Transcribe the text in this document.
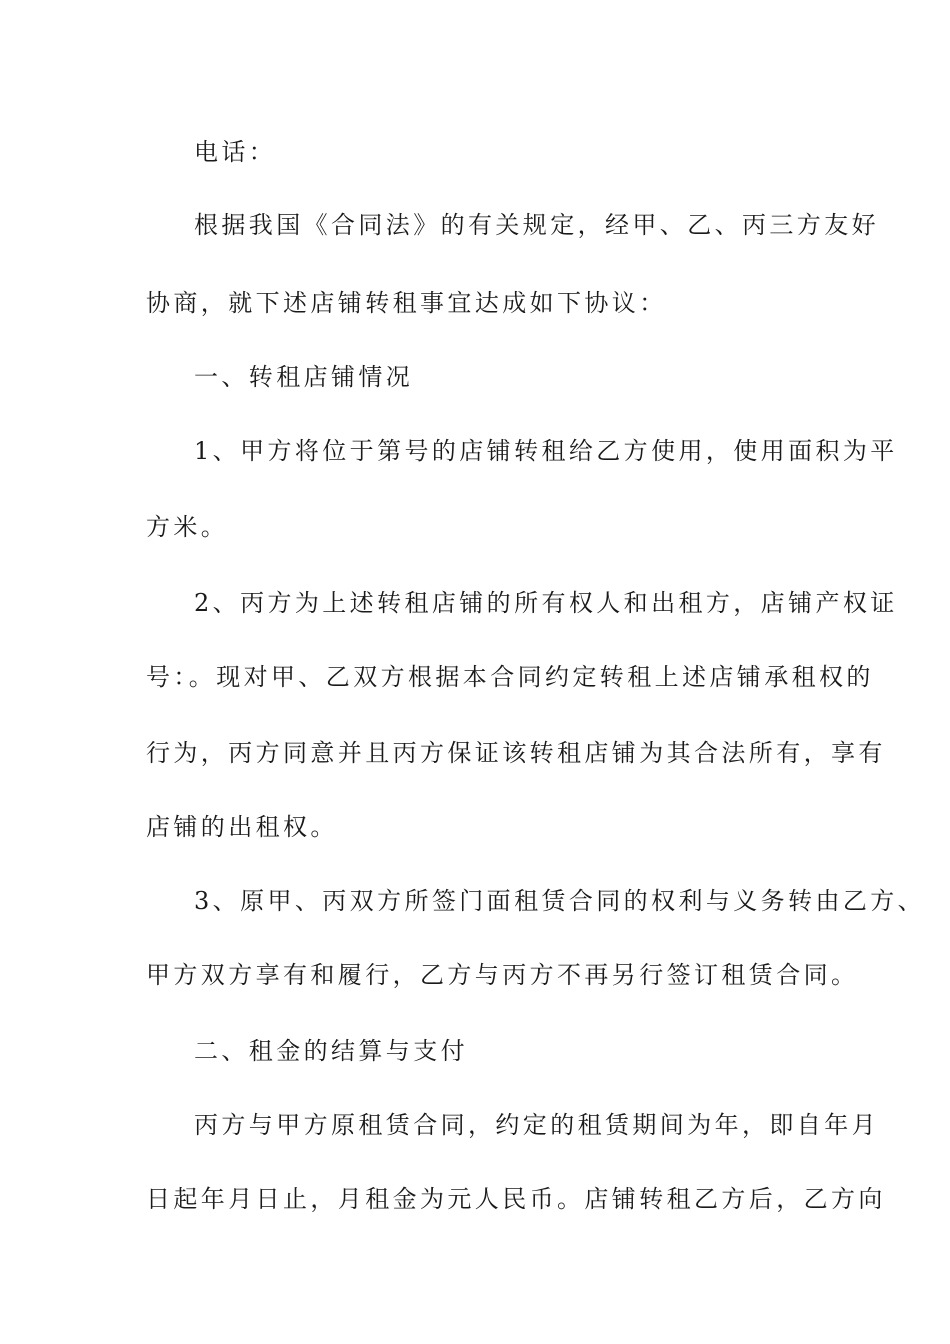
电话：
根据我国《合同法》的有关规定，经甲、乙、丙三方友好
协商，就下述店铺转租事宜达成如下协议：
一、转租店铺情况
1、甲方将位于第号的店铺转租给乙方使用，使用面积为平
方米。
2、丙方为上述转租店铺的所有权人和出租方，店铺产权证
号：。现对甲、乙双方根据本合同约定转租上述店铺承租权的
行为，丙方同意并且丙方保证该转租店铺为其合法所有，享有
店铺的出租权。
3、原甲、丙双方所签门面租赁合同的权利与义务转由乙方、
甲方双方享有和履行，乙方与丙方不再另行签订租赁合同。
二、租金的结算与支付
丙方与甲方原租赁合同，约定的租赁期间为年，即自年月
日起年月日止，月租金为元人民币。店铺转租乙方后，乙方向
